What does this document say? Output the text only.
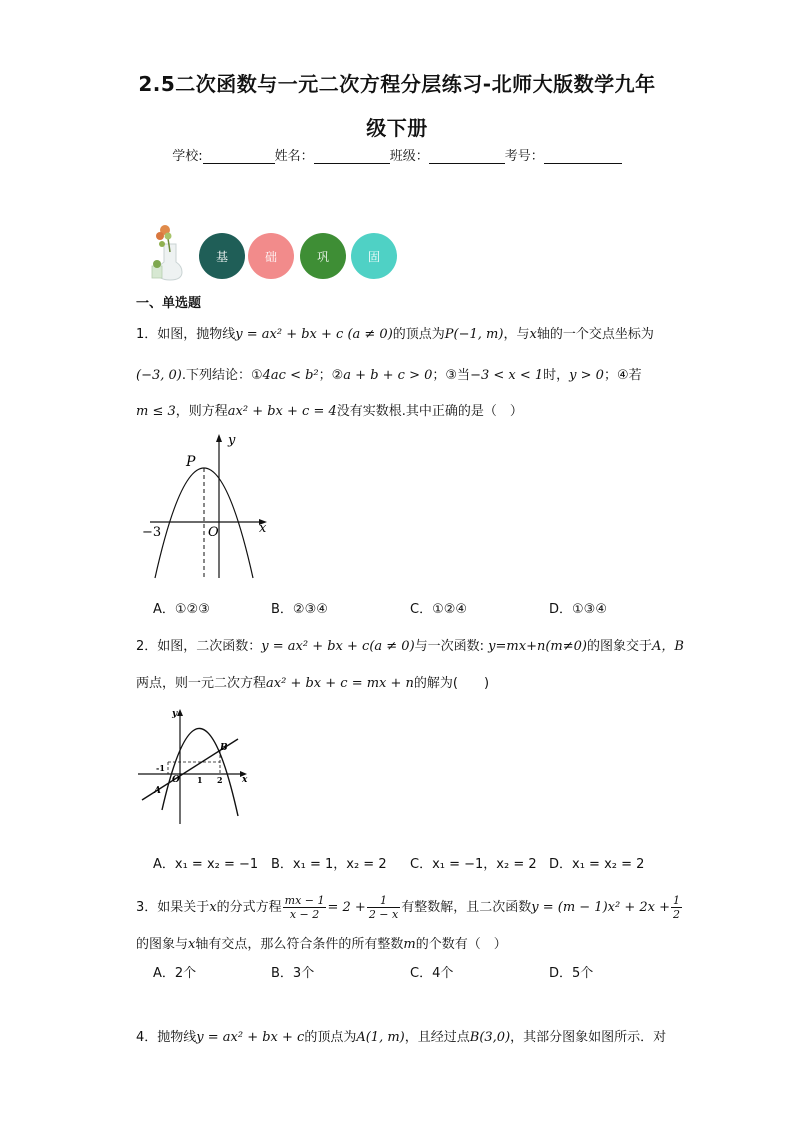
2.5二次函数与一元二次方程分层练习-北师大版数学九年
级下册
学校:	姓名：	班级：	考号：
基	础	巩	固
一、单选题
1．如图，抛物线y = ax² + bx + c (a ≠ 0)的顶点为P(−1, m)，与x轴的一个交点坐标为
(−3, 0).下列结论：①4ac < b²；②a + b + c > 0；③当−3 < x < 1时，y > 0；④若
m ≤ 3，则方程ax² + bx + c = 4没有实数根.其中正确的是（　）
P
y
x
O
−3
A．①②③	B．②③④	C．①②④	D．①③④
2．如图，二次函数：y = ax² + bx + c(a ≠ 0)与一次函数: y=mx+n(m≠0)的图象交于A，B
两点，则一元二次方程ax² + bx + c = mx + n的解为(　　)
y
x
B
A
O
-1
1 2
A．x₁ = x₂ = −1 B．x₁ = 1，x₂ = 2 C．x₁ = −1，x₂ = 2 D．x₁ = x₂ = 2
3．如果关于x的分式方程 $\frac{mx - 1}{x - 2} = 2 + \frac{1}{2 - x}$ 有整数解，且二次函数$y = (m - 1)x^2 + 2x + \frac{1}{2}$
的图象与x轴有交点，那么符合条件的所有整数m的个数有（　）
A．2个	B．3个	C．4个	D．5个
4．抛物线y = ax² + bx + c的顶点为A(1, m)，且经过点B(3,0)，其部分图象如图所示．对
